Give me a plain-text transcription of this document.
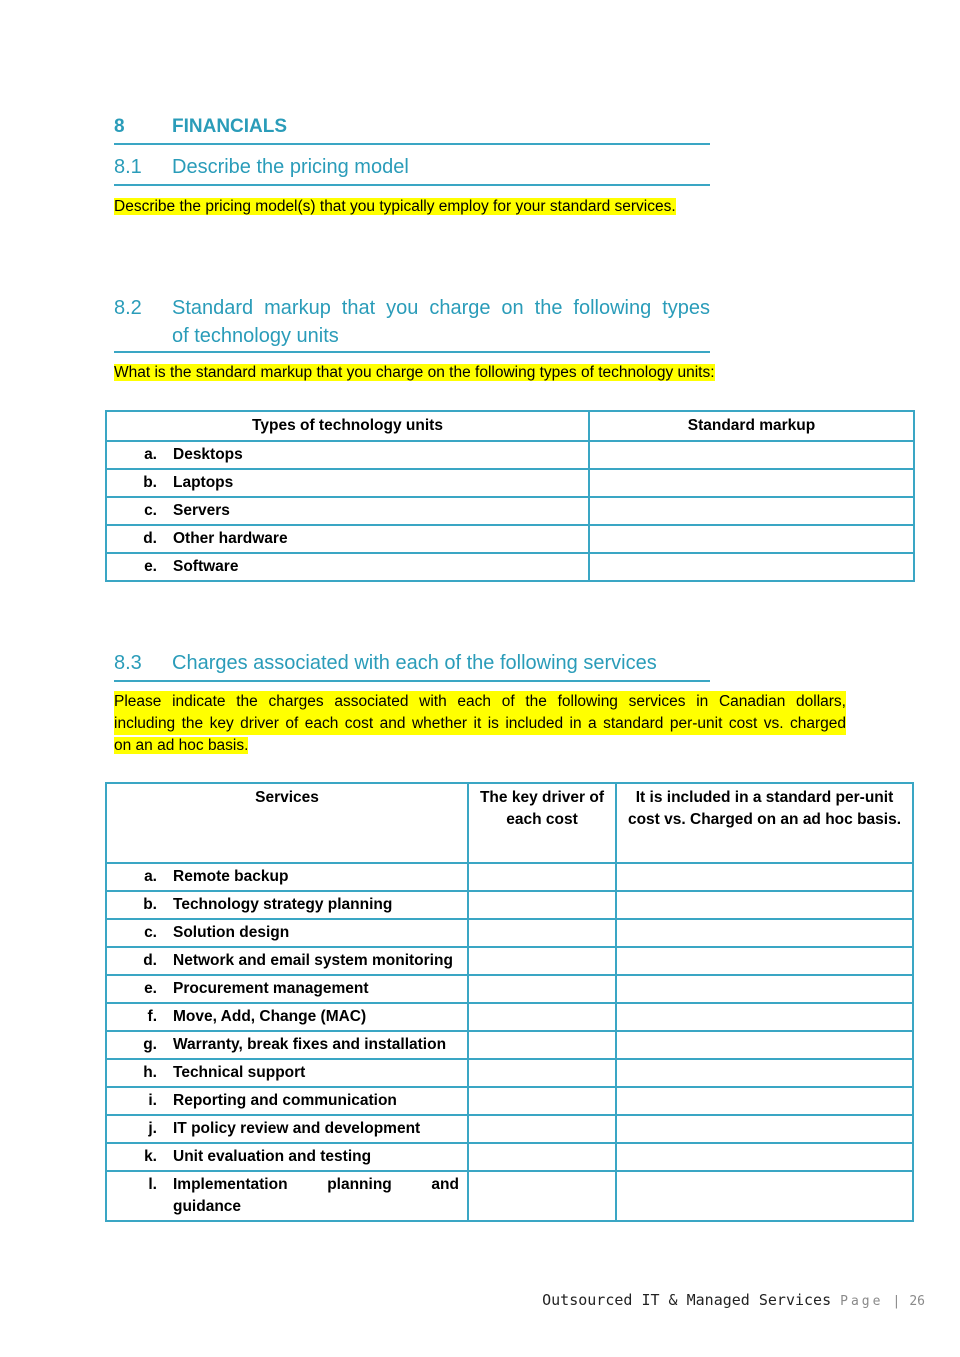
8 FINANCIALS
8.1 Describe the pricing model
Describe the pricing model(s) that you typically employ for your standard services.
8.2 Standard markup that you charge on the following types
of technology units
What is the standard markup that you charge on the following types of technology units:
Types of technology units	Standard markup

a. Desktops	

b. Laptops	

c. Servers	

d. Other hardware	

e. Software	

8.3 Charges associated with each of the following services
Please indicate the charges associated with each of the following services in Canadian dollars,
including the key driver of each cost and whether it is included in a standard per-unit cost vs. charged
on an ad hoc basis.
Services	The key driver of
each cost	It is included in a standard per-unit
cost vs. Charged on an ad hoc basis.

a. Remote backup		

b. Technology strategy planning		

c. Solution design		

d. Network and email system monitoring		

e. Procurement management		

f. Move, Add, Change (MAC)		

g. Warranty, break fixes and installation		

h. Technical support		

i. Reporting and communication		

j. IT policy review and development		

k. Unit evaluation and testing		

l. Implementation planning and guidance		

Outsourced IT & Managed Services Page | 26
